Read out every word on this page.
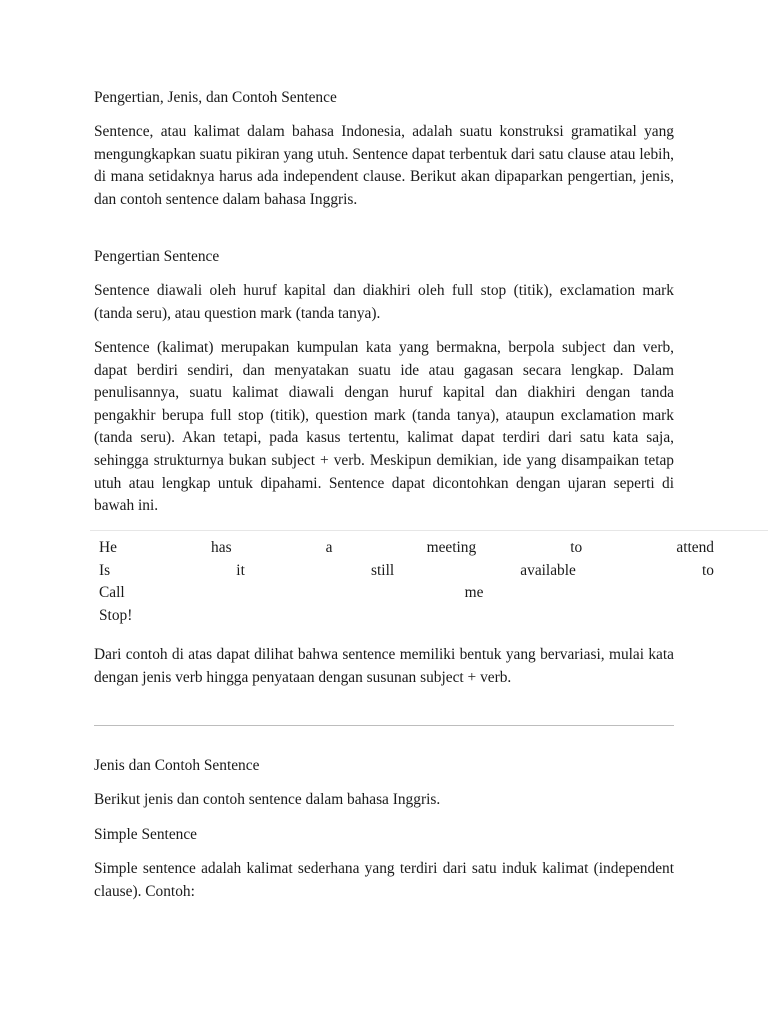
Pengertian, Jenis, dan Contoh Sentence

Sentence, atau kalimat dalam bahasa Indonesia, adalah suatu konstruksi gramatikal yang mengungkapkan suatu pikiran yang utuh. Sentence dapat terbentuk dari satu clause atau lebih, di mana setidaknya harus ada independent clause. Berikut akan dipaparkan pengertian, jenis, dan contoh sentence dalam bahasa Inggris.

Pengertian Sentence

Sentence diawali oleh huruf kapital dan diakhiri oleh full stop (titik), exclamation mark (tanda seru), atau question mark (tanda tanya).

Sentence (kalimat) merupakan kumpulan kata yang bermakna, berpola subject dan verb, dapat berdiri sendiri, dan menyatakan suatu ide atau gagasan secara lengkap. Dalam penulisannya, suatu kalimat diawali dengan huruf kapital dan diakhiri dengan tanda pengakhir berupa full stop (titik), question mark (tanda tanya), ataupun exclamation mark (tanda seru). Akan tetapi, pada kasus tertentu, kalimat dapat terdiri dari satu kata saja, sehingga strukturnya bukan subject + verb. Meskipun demikian, ide yang disampaikan tetap utuh atau lengkap untuk dipahami. Sentence dapat dicontohkan dengan ujaran seperti di bawah ini.

He	has	a	meeting	to	attend
Is	it	still	available	to
Call	me
Stop!

Dari contoh di atas dapat dilihat bahwa sentence memiliki bentuk yang bervariasi, mulai kata dengan jenis verb hingga penyataan dengan susunan subject + verb.

Jenis dan Contoh Sentence

Berikut jenis dan contoh sentence dalam bahasa Inggris.

Simple Sentence

Simple sentence adalah kalimat sederhana yang terdiri dari satu induk kalimat (independent clause). Contoh:
